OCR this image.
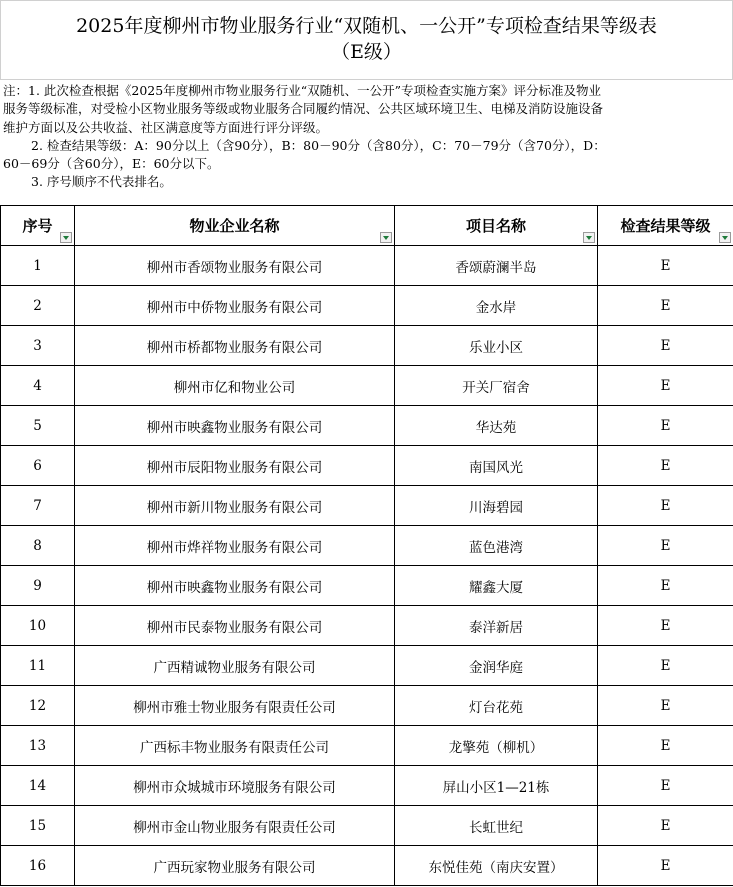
2025年度柳州市物业服务行业“双随机、一公开”专项检查结果等级表
（E级）
注：1. 此次检查根据《2025年度柳州市物业服务行业“双随机、一公开”专项检查实施方案》评分标准及物业
服务等级标准，对受检小区物业服务等级或物业服务合同履约情况、公共区域环境卫生、电梯及消防设施设备
维护方面以及公共收益、社区满意度等方面进行评分评级。
2. 检查结果等级：A：90分以上（含90分），B：80－90分（含80分），C：70－79分（含70分），D：
60－69分（含60分），E：60分以下。
3. 序号顺序不代表排名。
序号	物业企业名称	项目名称	检查结果等级

1	柳州市香颂物业服务有限公司	香颂蔚澜半岛	E
2	柳州市中侨物业服务有限公司	金水岸	E
3	柳州市桥都物业服务有限公司	乐业小区	E
4	柳州市亿和物业公司	开关厂宿舍	E
5	柳州市映鑫物业服务有限公司	华达苑	E
6	柳州市辰阳物业服务有限公司	南国风光	E
7	柳州市新川物业服务有限公司	川海碧园	E
8	柳州市烨祥物业服务有限公司	蓝色港湾	E
9	柳州市映鑫物业服务有限公司	耀鑫大厦	E
10	柳州市民泰物业服务有限公司	泰洋新居	E
11	广西精诚物业服务有限公司	金润华庭	E
12	柳州市雅士物业服务有限责任公司	灯台花苑	E
13	广西标丰物业服务有限责任公司	龙擎苑（柳机）	E
14	柳州市众城城市环境服务有限公司	屏山小区1—21栋	E
15	柳州市金山物业服务有限责任公司	长虹世纪	E
16	广西玩家物业服务有限公司	东悦佳苑（南庆安置）	E
